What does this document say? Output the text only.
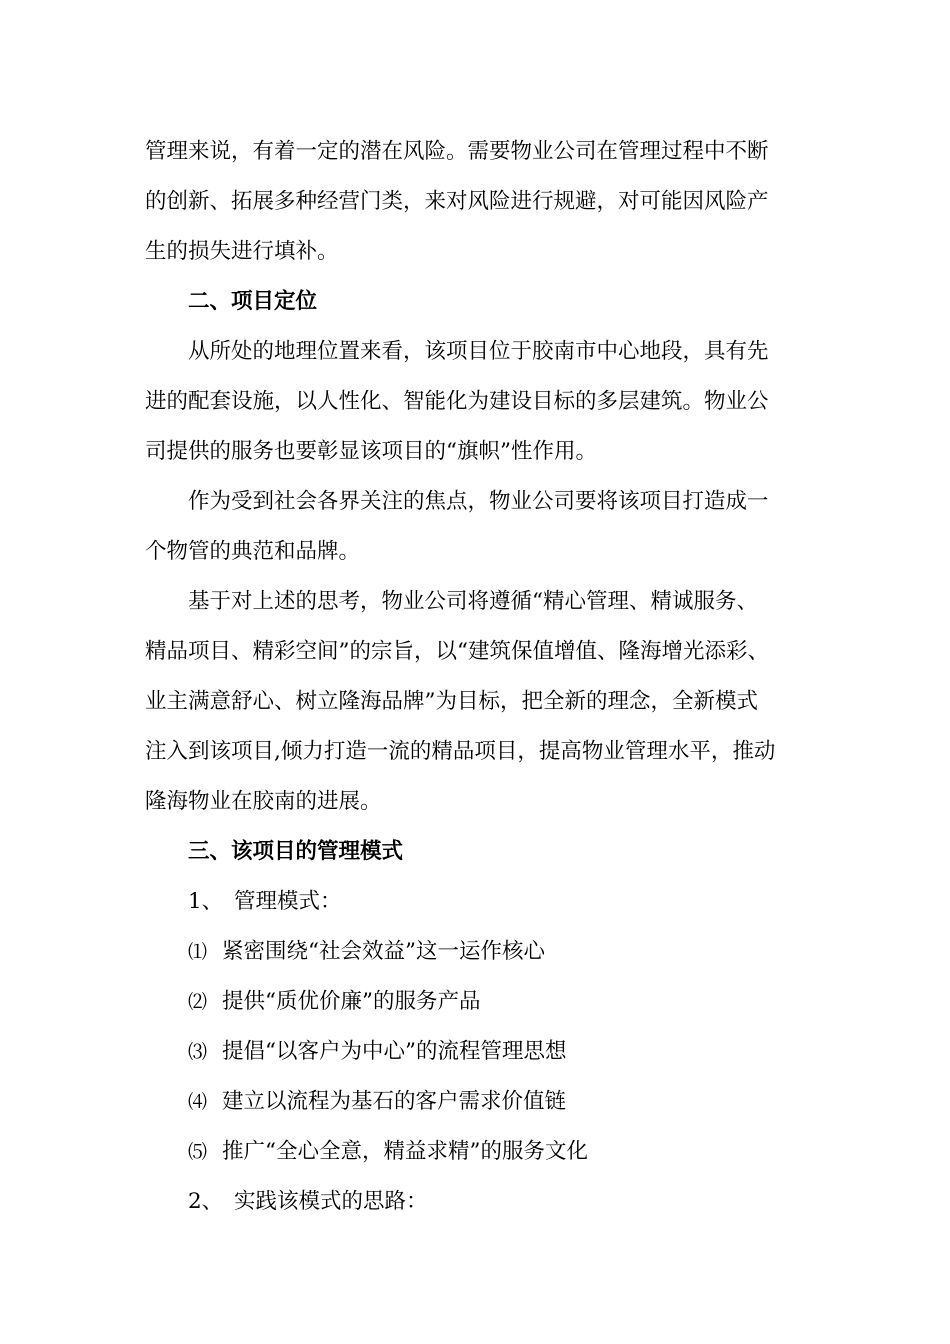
管理来说，有着一定的潜在风险。需要物业公司在管理过程中不断
的创新、拓展多种经营门类，来对风险进行规避，对可能因风险产
生的损失进行填补。
二、项目定位
从所处的地理位置来看，该项目位于胶南市中心地段，具有先
进的配套设施，以人性化、智能化为建设目标的多层建筑。物业公
司提供的服务也要彰显该项目的“旗帜”性作用。
作为受到社会各界关注的焦点，物业公司要将该项目打造成一
个物管的典范和品牌。
基于对上述的思考，物业公司将遵循“精心管理、精诚服务、
精品项目、精彩空间”的宗旨，以“建筑保值增值、隆海增光添彩、
业主满意舒心、树立隆海品牌”为目标，把全新的理念，全新模式
注入到该项目,倾力打造一流的精品项目，提高物业管理水平，推动
隆海物业在胶南的进展。
三、该项目的管理模式
1、 管理模式：
⑴ 紧密围绕“社会效益”这一运作核心
⑵ 提供“质优价廉”的服务产品
⑶ 提倡“以客户为中心”的流程管理思想
⑷ 建立以流程为基石的客户需求价值链
⑸ 推广“全心全意，精益求精”的服务文化
2、 实践该模式的思路：
